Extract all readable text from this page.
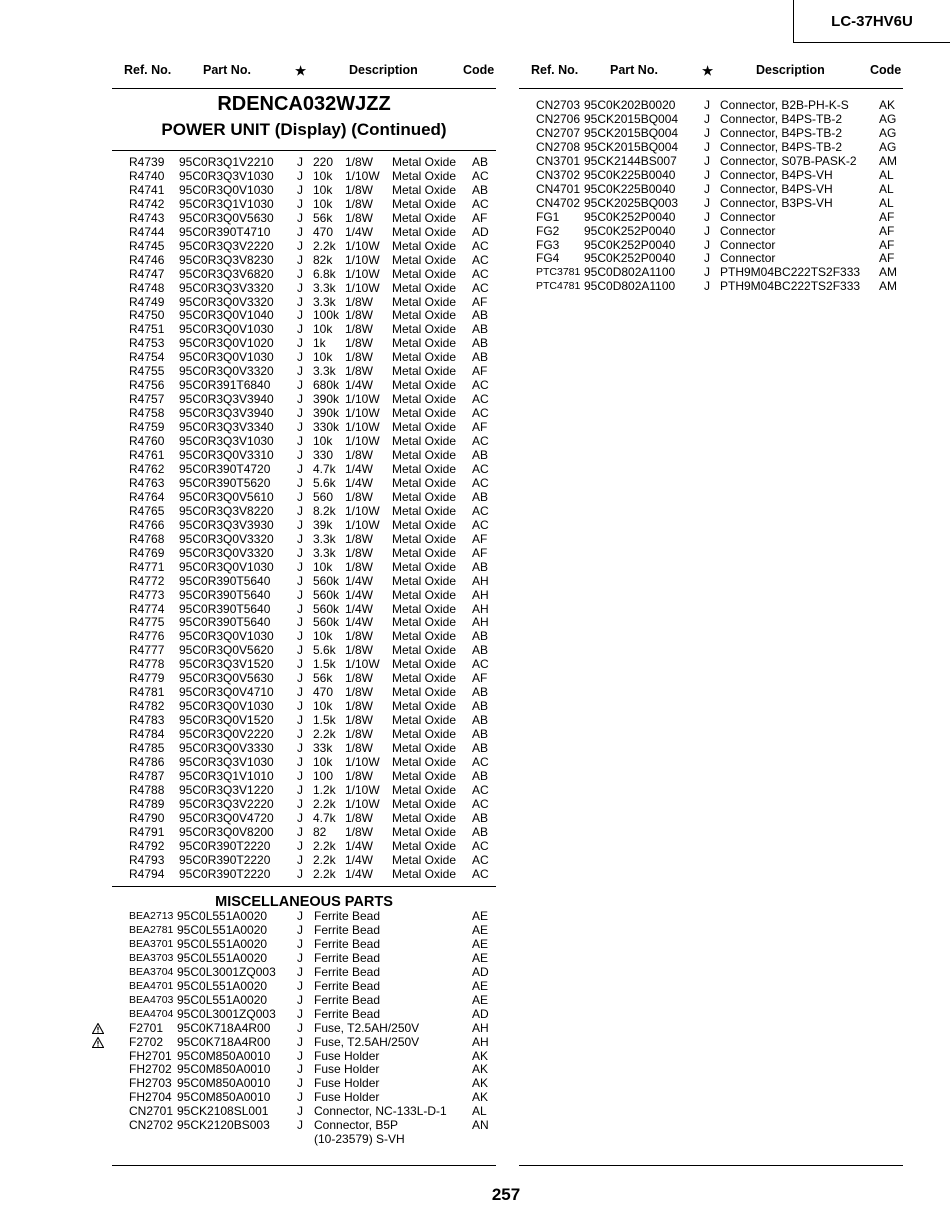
LC-37HV6U
Ref. No.	Part No.	★	Description	Code	Ref. No.	Part No.	★	Description	Code
RDENCA032WJZZ
POWER UNIT (Display) (Continued)
R4739 95C0R3Q1V2210 J 220 1/8W Metal Oxide AB
R4740 95C0R3Q3V1030 J 10k 1/10W Metal Oxide AC
R4741 95C0R3Q0V1030 J 10k 1/8W Metal Oxide AB
R4742 95C0R3Q1V1030 J 10k 1/8W Metal Oxide AC
R4743 95C0R3Q0V5630 J 56k 1/8W Metal Oxide AF
R4744 95C0R390T4710 J 470 1/4W Metal Oxide AD
R4745 95C0R3Q3V2220 J 2.2k 1/10W Metal Oxide AC
R4746 95C0R3Q3V8230 J 82k 1/10W Metal Oxide AC
R4747 95C0R3Q3V6820 J 6.8k 1/10W Metal Oxide AC
R4748 95C0R3Q3V3320 J 3.3k 1/10W Metal Oxide AC
R4749 95C0R3Q0V3320 J 3.3k 1/8W Metal Oxide AF
R4750 95C0R3Q0V1040 J 100k 1/8W Metal Oxide AB
R4751 95C0R3Q0V1030 J 10k 1/8W Metal Oxide AB
R4753 95C0R3Q0V1020 J 1k 1/8W Metal Oxide AB
R4754 95C0R3Q0V1030 J 10k 1/8W Metal Oxide AB
R4755 95C0R3Q0V3320 J 3.3k 1/8W Metal Oxide AF
R4756 95C0R391T6840 J 680k 1/4W Metal Oxide AC
R4757 95C0R3Q3V3940 J 390k 1/10W Metal Oxide AC
R4758 95C0R3Q3V3940 J 390k 1/10W Metal Oxide AC
R4759 95C0R3Q3V3340 J 330k 1/10W Metal Oxide AF
R4760 95C0R3Q3V1030 J 10k 1/10W Metal Oxide AC
R4761 95C0R3Q0V3310 J 330 1/8W Metal Oxide AB
R4762 95C0R390T4720 J 4.7k 1/4W Metal Oxide AC
R4763 95C0R390T5620 J 5.6k 1/4W Metal Oxide AC
R4764 95C0R3Q0V5610 J 560 1/8W Metal Oxide AB
R4765 95C0R3Q3V8220 J 8.2k 1/10W Metal Oxide AC
R4766 95C0R3Q3V3930 J 39k 1/10W Metal Oxide AC
R4768 95C0R3Q0V3320 J 3.3k 1/8W Metal Oxide AF
R4769 95C0R3Q0V3320 J 3.3k 1/8W Metal Oxide AF
R4771 95C0R3Q0V1030 J 10k 1/8W Metal Oxide AB
R4772 95C0R390T5640 J 560k 1/4W Metal Oxide AH
R4773 95C0R390T5640 J 560k 1/4W Metal Oxide AH
R4774 95C0R390T5640 J 560k 1/4W Metal Oxide AH
R4775 95C0R390T5640 J 560k 1/4W Metal Oxide AH
R4776 95C0R3Q0V1030 J 10k 1/8W Metal Oxide AB
R4777 95C0R3Q0V5620 J 5.6k 1/8W Metal Oxide AB
R4778 95C0R3Q3V1520 J 1.5k 1/10W Metal Oxide AC
R4779 95C0R3Q0V5630 J 56k 1/8W Metal Oxide AF
R4781 95C0R3Q0V4710 J 470 1/8W Metal Oxide AB
R4782 95C0R3Q0V1030 J 10k 1/8W Metal Oxide AB
R4783 95C0R3Q0V1520 J 1.5k 1/8W Metal Oxide AB
R4784 95C0R3Q0V2220 J 2.2k 1/8W Metal Oxide AB
R4785 95C0R3Q0V3330 J 33k 1/8W Metal Oxide AB
R4786 95C0R3Q3V1030 J 10k 1/10W Metal Oxide AC
R4787 95C0R3Q1V1010 J 100 1/8W Metal Oxide AB
R4788 95C0R3Q3V1220 J 1.2k 1/10W Metal Oxide AC
R4789 95C0R3Q3V2220 J 2.2k 1/10W Metal Oxide AC
R4790 95C0R3Q0V4720 J 4.7k 1/8W Metal Oxide AB
R4791 95C0R3Q0V8200 J 82 1/8W Metal Oxide AB
R4792 95C0R390T2220 J 2.2k 1/4W Metal Oxide AC
R4793 95C0R390T2220 J 2.2k 1/4W Metal Oxide AC
R4794 95C0R390T2220 J 2.2k 1/4W Metal Oxide AC
MISCELLANEOUS PARTS
BEA2713 95C0L551A0020 J Ferrite Bead	AE
BEA2781 95C0L551A0020 J Ferrite Bead	AE
BEA3701 95C0L551A0020 J Ferrite Bead	AE
BEA3703 95C0L551A0020 J Ferrite Bead	AE
BEA3704 95C0L3001ZQ003 J Ferrite Bead	AD
BEA4701 95C0L551A0020 J Ferrite Bead	AE
BEA4703 95C0L551A0020 J Ferrite Bead	AE
BEA4704 95C0L3001ZQ003 J Ferrite Bead	AD
F2701 95C0K718A4R00 J Fuse, T2.5AH/250V	AH
F2702 95C0K718A4R00 J Fuse, T2.5AH/250V	AH
FH2701 95C0M850A0010 J Fuse Holder	AK
FH2702 95C0M850A0010 J Fuse Holder	AK
FH2703 95C0M850A0010 J Fuse Holder	AK
FH2704 95C0M850A0010 J Fuse Holder	AK
CN2701 95CK2108SL001 J Connector, NC-133L-D-1 AL
CN2702 95CK2120BS003 J Connector, B5P	AN
(10-23579) S-VH
CN2703 95C0K202B0020 J Connector, B2B-PH-K-S	AK
CN2706 95CK2015BQ004 J Connector, B4PS-TB-2	AG
CN2707 95CK2015BQ004 J Connector, B4PS-TB-2	AG
CN2708 95CK2015BQ004 J Connector, B4PS-TB-2	AG
CN3701 95CK2144BS007 J Connector, S07B-PASK-2 AM
CN3702 95C0K225B0040 J Connector, B4PS-VH	AL
CN4701 95C0K225B0040 J Connector, B4PS-VH	AL
CN4702 95CK2025BQ003 J Connector, B3PS-VH	AL
FG1 95C0K252P0040 J Connector	AF
FG2 95C0K252P0040 J Connector	AF
FG3 95C0K252P0040 J Connector	AF
FG4 95C0K252P0040 J Connector	AF
PTC3781 95C0D802A1100 J PTH9M04BC222TS2F333 AM
PTC4781 95C0D802A1100 J PTH9M04BC222TS2F333 AM
257
